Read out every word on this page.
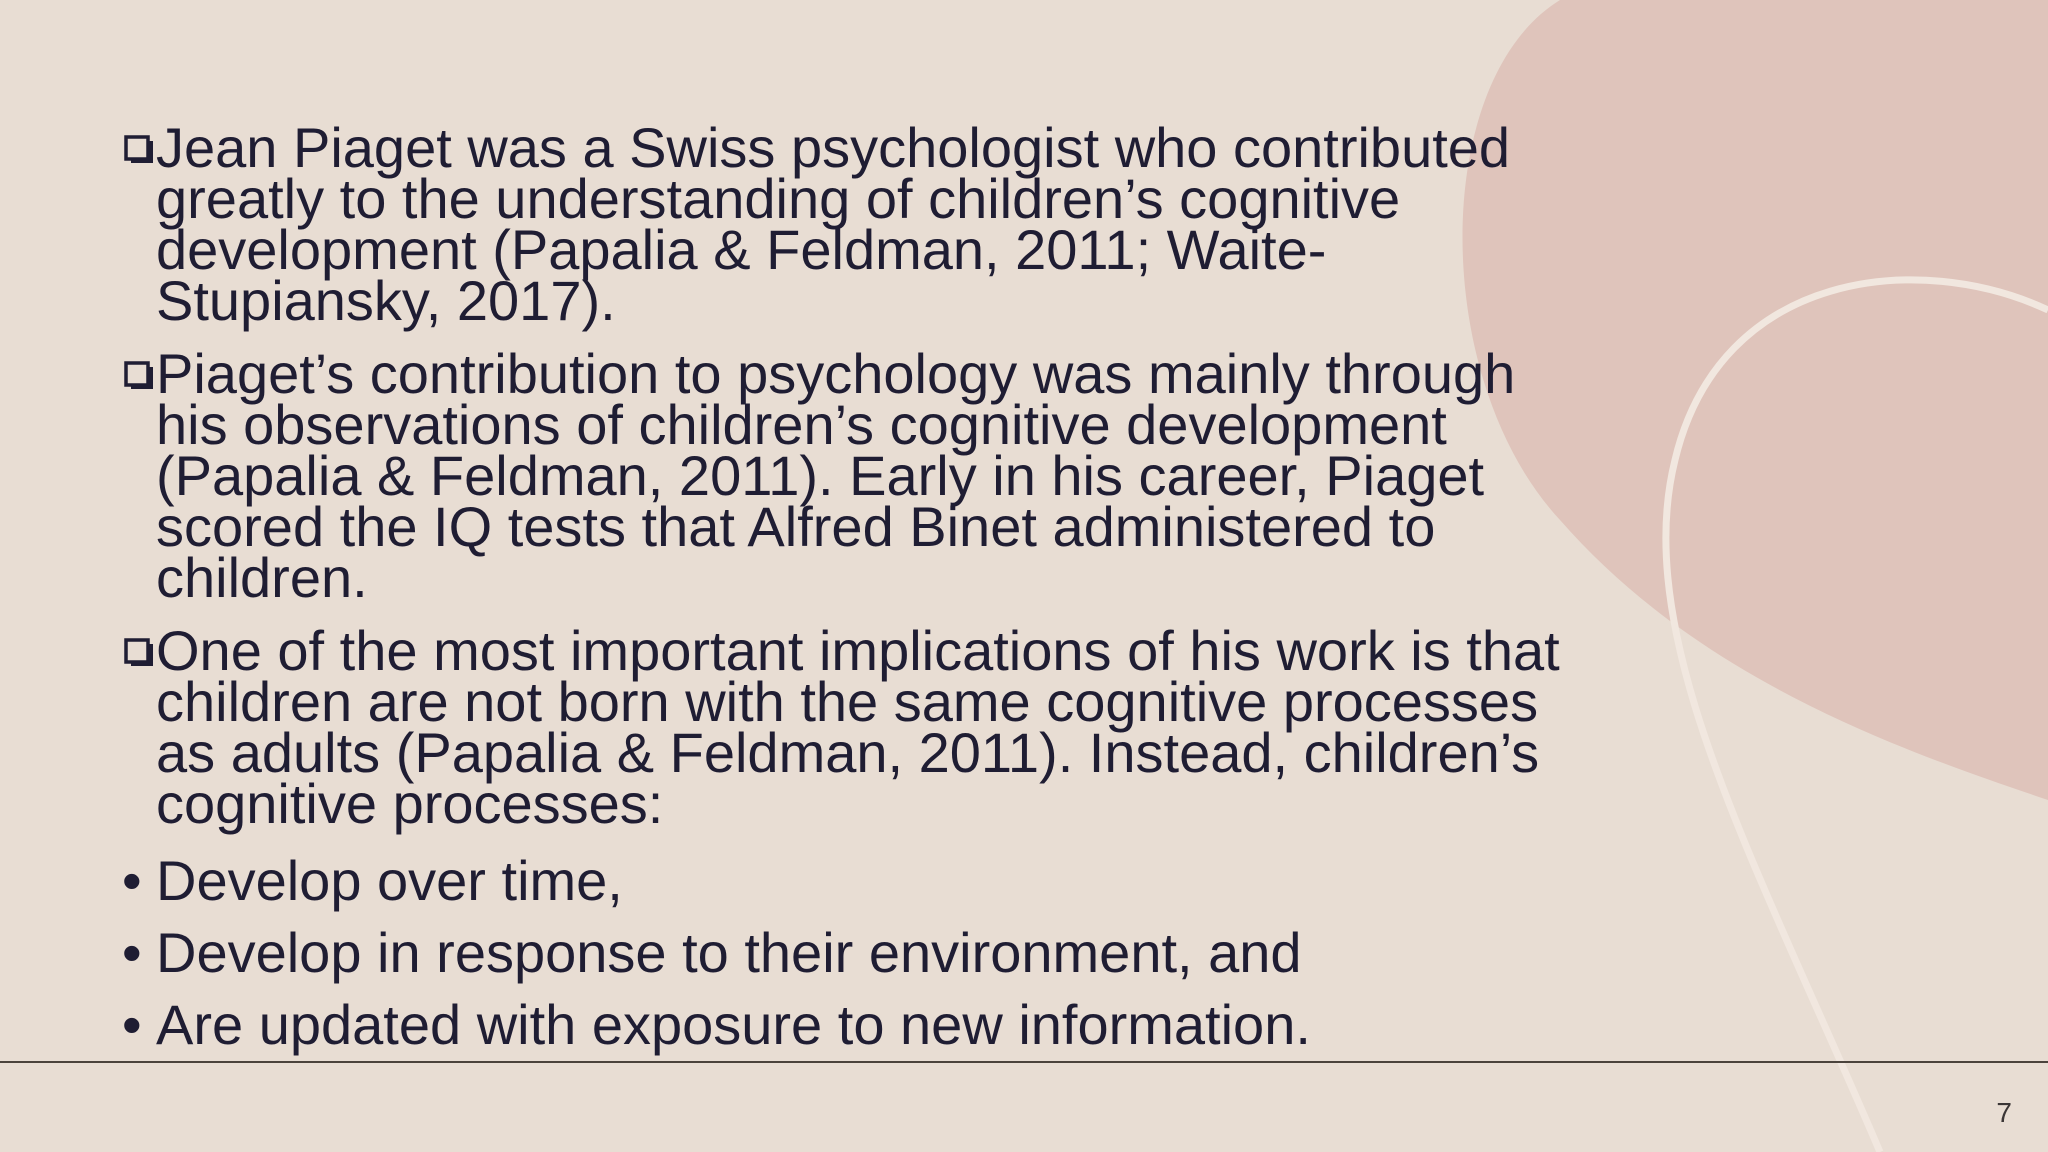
Jean Piaget was a Swiss psychologist who contributed
greatly to the understanding of children’s cognitive
development (Papalia & Feldman, 2011; Waite-
Stupiansky, 2017).
Piaget’s contribution to psychology was mainly through
his observations of children’s cognitive development
(Papalia & Feldman, 2011). Early in his career, Piaget
scored the IQ tests that Alfred Binet administered to
children.
One of the most important implications of his work is that
children are not born with the same cognitive processes
as adults (Papalia & Feldman, 2011). Instead, children’s
cognitive processes:
• Develop over time,
• Develop in response to their environment, and
• Are updated with exposure to new information.
7
